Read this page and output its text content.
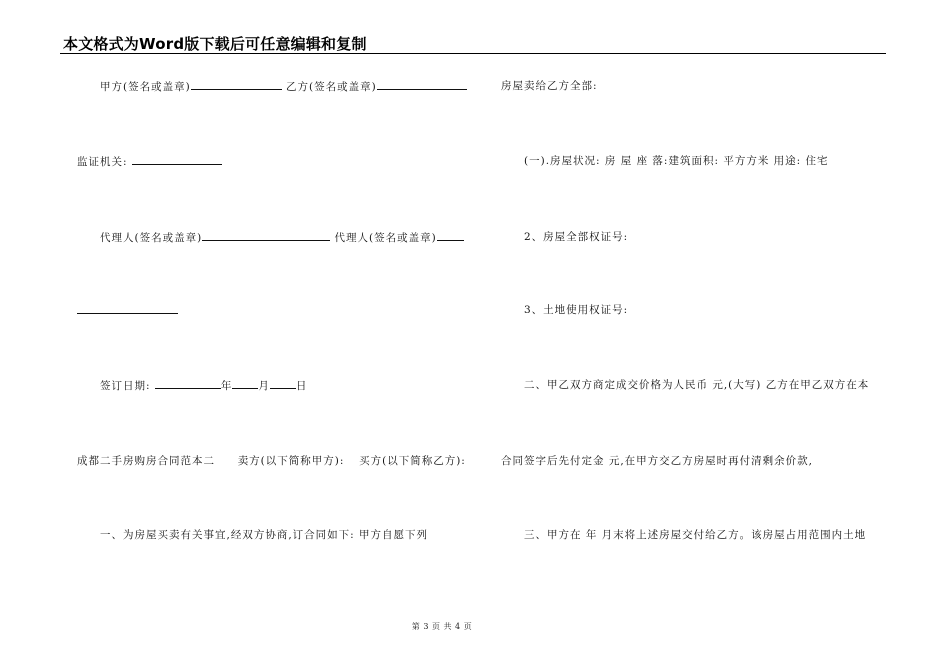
本文格式为Word版下载后可任意编辑和复制
甲方(签名或盖章)	乙方(签名或盖章)
监证机关:
代理人(签名或盖章)	代理人(签名或盖章)
签订日期:	年 月 日
成都二手房购房合同范本二 卖方(以下简称甲方): 买方(以下简称乙方):
一、为房屋买卖有关事宜,经双方协商,订合同如下: 甲方自愿下列
房屋卖给乙方全部:
(一).房屋状况: 房 屋 座 落:建筑面积: 平方方米 用途: 住宅
2、房屋全部权证号:
3、土地使用权证号:
二、甲乙双方商定成交价格为人民币 元,(大写) 乙方在甲乙双方在本
合同签字后先付定金 元,在甲方交乙方房屋时再付清剩余价款,
三、甲方在 年 月末将上述房屋交付给乙方。该房屋占用范围内土地
第 3 页 共 4 页
